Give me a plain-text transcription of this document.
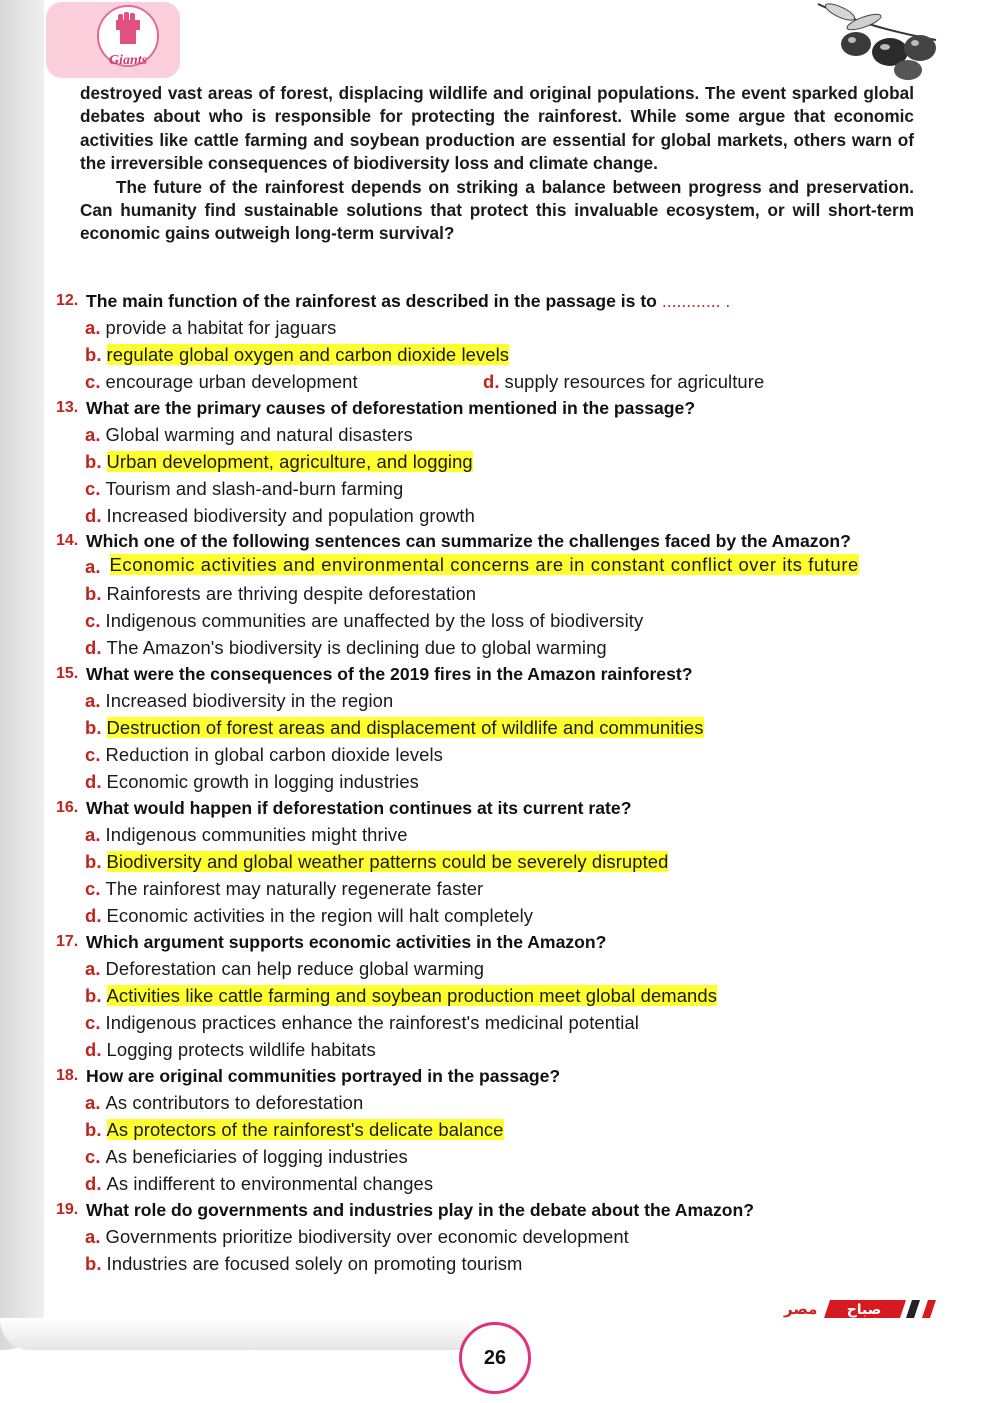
Giants

destroyed vast areas of forest, displacing wildlife and original populations. The event sparked global debates about who is responsible for protecting the rainforest. While some argue that economic activities like cattle farming and soybean production are essential for global markets, others warn of the irreversible consequences of biodiversity loss and climate change.

The future of the rainforest depends on striking a balance between progress and preservation. Can humanity find sustainable solutions that protect this invaluable ecosystem, or will short-term economic gains outweigh long-term survival?

12. The main function of the rainforest as described in the passage is to ............ .
a. provide a habitat for jaguars
b. regulate global oxygen and carbon dioxide levels
c. encourage urban development	d. supply resources for agriculture
13. What are the primary causes of deforestation mentioned in the passage?
a. Global warming and natural disasters
b. Urban development, agriculture, and logging
c. Tourism and slash-and-burn farming
d. Increased biodiversity and population growth
14. Which one of the following sentences can summarize the challenges faced by the Amazon?
a. Economic activities and environmental concerns are in constant conflict over its future
b. Rainforests are thriving despite deforestation
c. Indigenous communities are unaffected by the loss of biodiversity
d. The Amazon's biodiversity is declining due to global warming
15. What were the consequences of the 2019 fires in the Amazon rainforest?
a. Increased biodiversity in the region
b. Destruction of forest areas and displacement of wildlife and communities
c. Reduction in global carbon dioxide levels
d. Economic growth in logging industries
16. What would happen if deforestation continues at its current rate?
a. Indigenous communities might thrive
b. Biodiversity and global weather patterns could be severely disrupted
c. The rainforest may naturally regenerate faster
d. Economic activities in the region will halt completely
17. Which argument supports economic activities in the Amazon?
a. Deforestation can help reduce global warming
b. Activities like cattle farming and soybean production meet global demands
c. Indigenous practices enhance the rainforest's medicinal potential
d. Logging protects wildlife habitats
18. How are original communities portrayed in the passage?
a. As contributors to deforestation
b. As protectors of the rainforest's delicate balance
c. As beneficiaries of logging industries
d. As indifferent to environmental changes
19. What role do governments and industries play in the debate about the Amazon?
a. Governments prioritize biodiversity over economic development
b. Industries are focused solely on promoting tourism
مصر صباح
26
